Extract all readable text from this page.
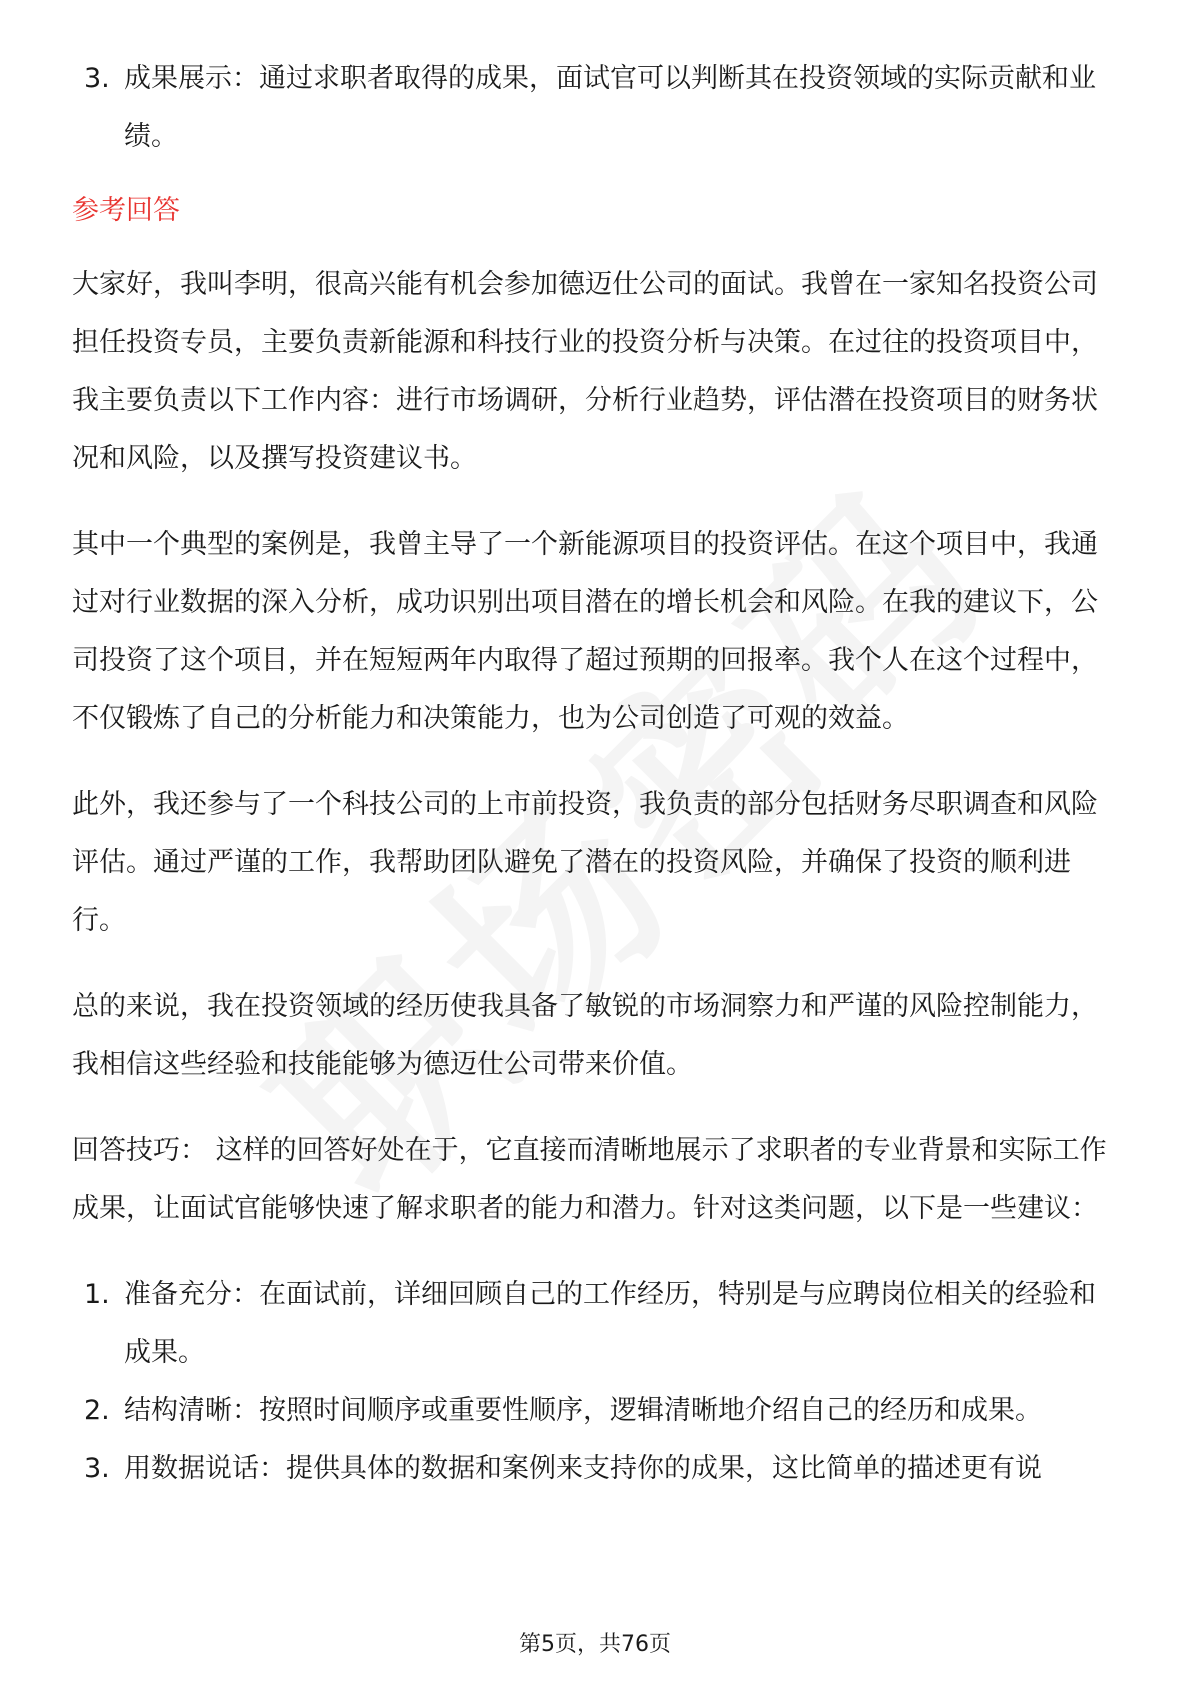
3. 成果展示：通过求职者取得的成果，面试官可以判断其在投资领域的实际贡献和业绩。
参考回答

大家好，我叫李明，很高兴能有机会参加德迈仕公司的面试。我曾在一家知名投资公司担任投资专员，主要负责新能源和科技行业的投资分析与决策。在过往的投资项目中，我主要负责以下工作内容：进行市场调研，分析行业趋势，评估潜在投资项目的财务状况和风险，以及撰写投资建议书。

其中一个典型的案例是，我曾主导了一个新能源项目的投资评估。在这个项目中，我通过对行业数据的深入分析，成功识别出项目潜在的增长机会和风险。在我的建议下，公司投资了这个项目，并在短短两年内取得了超过预期的回报率。我个人在这个过程中，不仅锻炼了自己的分析能力和决策能力，也为公司创造了可观的效益。

此外，我还参与了一个科技公司的上市前投资，我负责的部分包括财务尽职调查和风险评估。通过严谨的工作，我帮助团队避免了潜在的投资风险，并确保了投资的顺利进行。

总的来说，我在投资领域的经历使我具备了敏锐的市场洞察力和严谨的风险控制能力，我相信这些经验和技能能够为德迈仕公司带来价值。

回答技巧： 这样的回答好处在于，它直接而清晰地展示了求职者的专业背景和实际工作成果，让面试官能够快速了解求职者的能力和潜力。针对这类问题，以下是一些建议：

1. 准备充分：在面试前，详细回顾自己的工作经历，特别是与应聘岗位相关的经验和成果。
2. 结构清晰：按照时间顺序或重要性顺序，逻辑清晰地介绍自己的经历和成果。
3. 用数据说话：提供具体的数据和案例来支持你的成果，这比简单的描述更有说
第5页，共76页
